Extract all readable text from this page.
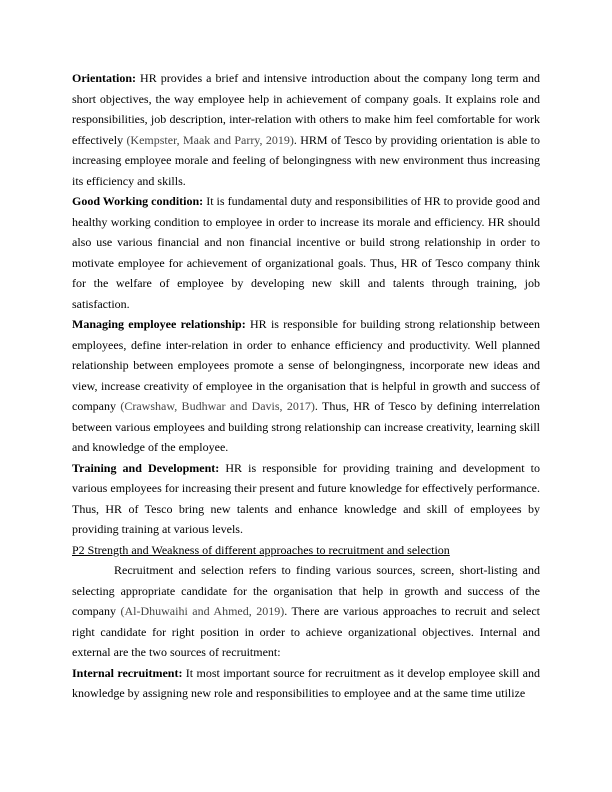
Orientation: HR provides a brief and intensive introduction about the company long term and short objectives, the way employee help in achievement of company goals. It explains role and responsibilities, job description, inter-relation with others to make him feel comfortable for work effectively (Kempster, Maak and Parry, 2019). HRM of Tesco by providing orientation is able to increasing employee morale and feeling of belongingness with new environment thus increasing its efficiency and skills.

Good Working condition: It is fundamental duty and responsibilities of HR to provide good and healthy working condition to employee in order to increase its morale and efficiency. HR should also use various financial and non financial incentive or build strong relationship in order to motivate employee for achievement of organizational goals. Thus, HR of Tesco company think for the welfare of employee by developing new skill and talents through training, job satisfaction.

Managing employee relationship: HR is responsible for building strong relationship between employees, define inter-relation in order to enhance efficiency and productivity. Well planned relationship between employees promote a sense of belongingness, incorporate new ideas and view, increase creativity of employee in the organisation that is helpful in growth and success of company (Crawshaw, Budhwar and Davis, 2017). Thus, HR of Tesco by defining interrelation between various employees and building strong relationship can increase creativity, learning skill and knowledge of the employee.

Training and Development: HR is responsible for providing training and development to various employees for increasing their present and future knowledge for effectively performance. Thus, HR of Tesco bring new talents and enhance knowledge and skill of employees by providing training at various levels.

P2 Strength and Weakness of different approaches to recruitment and selection

Recruitment and selection refers to finding various sources, screen, short-listing and selecting appropriate candidate for the organisation that help in growth and success of the company (Al-Dhuwaihi and Ahmed, 2019). There are various approaches to recruit and select right candidate for right position in order to achieve organizational objectives. Internal and external are the two sources of recruitment:

Internal recruitment: It most important source for recruitment as it develop employee skill and knowledge by assigning new role and responsibilities to employee and at the same time utilize
